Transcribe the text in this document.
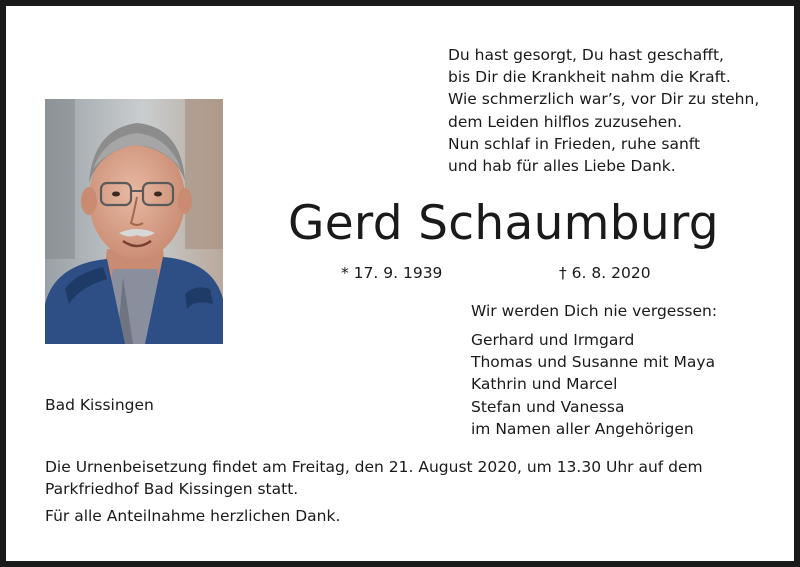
Du hast gesorgt, Du hast geschafft,
bis Dir die Krankheit nahm die Kraft.
Wie schmerzlich war’s, vor Dir zu stehn,
dem Leiden hilflos zuzusehen.
Nun schlaf in Frieden, ruhe sanft
und hab für alles Liebe Dank.
Gerd Schaumburg
* 17. 9. 1939	† 6. 8. 2020
Wir werden Dich nie vergessen:
Gerhard und Irmgard
Thomas und Susanne mit Maya
Kathrin und Marcel
Stefan und Vanessa
im Namen aller Angehörigen
Bad Kissingen
Die Urnenbeisetzung findet am Freitag, den 21. August 2020, um 13.30 Uhr auf dem
Parkfriedhof Bad Kissingen statt.
Für alle Anteilnahme herzlichen Dank.
